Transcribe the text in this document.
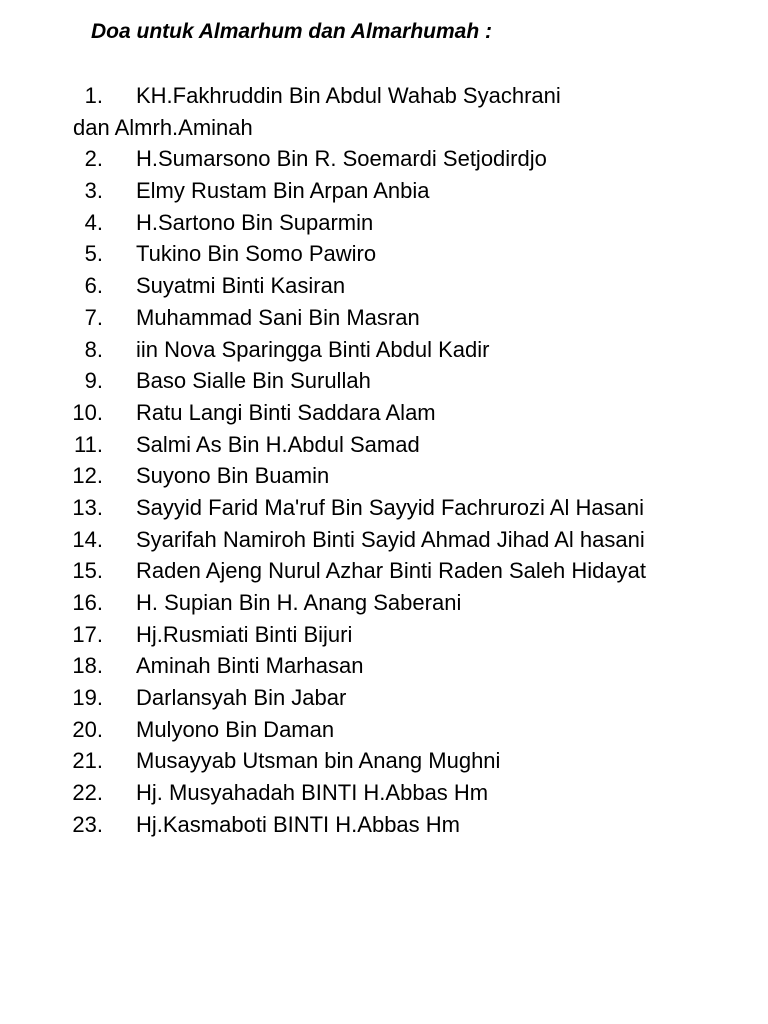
Doa untuk Almarhum dan Almarhumah :
1. KH.Fakhruddin Bin Abdul Wahab Syachrani
dan Almrh.Aminah
2. H.Sumarsono Bin R. Soemardi Setjodirdjo
3. Elmy Rustam Bin Arpan Anbia
4. H.Sartono Bin Suparmin
5. Tukino Bin Somo Pawiro
6. Suyatmi Binti Kasiran
7. Muhammad Sani Bin Masran
8. iin Nova Sparingga Binti Abdul Kadir
9. Baso Sialle Bin Surullah
10. Ratu Langi Binti Saddara Alam
11. Salmi As Bin H.Abdul Samad
12. Suyono Bin Buamin
13. Sayyid Farid Ma'ruf Bin Sayyid Fachrurozi Al Hasani
14. Syarifah Namiroh Binti Sayid Ahmad Jihad Al hasani
15. Raden Ajeng Nurul Azhar Binti Raden Saleh Hidayat
16. H. Supian Bin H. Anang Saberani
17. Hj.Rusmiati Binti Bijuri
18. Aminah Binti Marhasan
19. Darlansyah Bin Jabar
20. Mulyono Bin Daman
21. Musayyab Utsman bin Anang Mughni
22. Hj. Musyahadah BINTI H.Abbas Hm
23. Hj.Kasmaboti BINTI H.Abbas Hm
